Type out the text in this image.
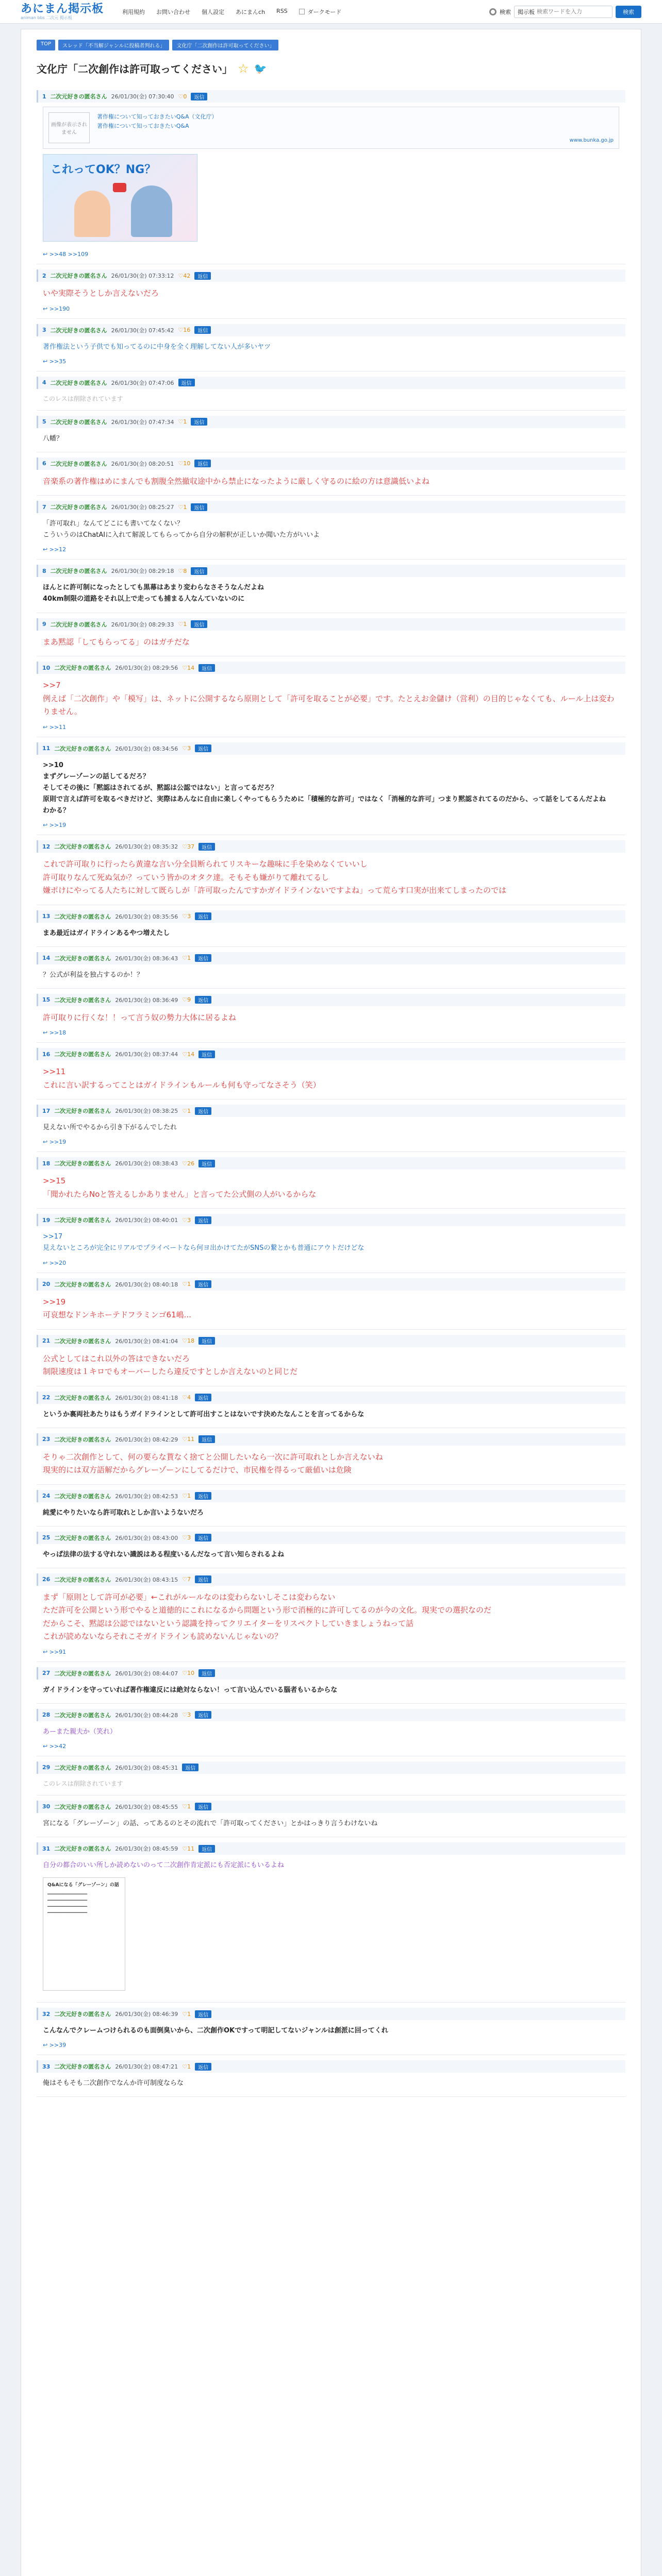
あにまん掲示板
animan bbs 二次元 掲示板
利用規約 お問い合わせ 個人設定 あにまんch RSS	ダークモード	検索 掲示板
検索ワードを入力	検索
TOP	スレッド「不当解ジャンルに投稿者判れる」	文化庁「二次創作は許可取ってください」
文化庁「二次創作は許可取ってください」 ☆ 🐦
1 二次元好きの匿名さん 26/01/30(金) 07:30:40 ♡0	返信
画像が表示されません
著作権について知っておきたいQ&A（文化庁）
著作権について知っておきたいQ&A
www.bunka.go.jp
これってOK？NG？
↩ >>48 >>109
2 二次元好きの匿名さん 26/01/30(金) 07:33:12 ♡42	返信
いや実際そうとしか言えないだろ
↩ >>190
3 二次元好きの匿名さん 26/01/30(金) 07:45:42 ♡16	返信
著作権法という子供でも知ってるのに中身を全く理解してない人が多いヤツ
↩ >>35
4 二次元好きの匿名さん 26/01/30(金) 07:47:06	返信
このレスは削除されています
5 二次元好きの匿名さん 26/01/30(金) 07:47:34 ♡1	返信
八幡？
6 二次元好きの匿名さん 26/01/30(金) 08:20:51 ♡10	返信
音楽系の著作権はめにまんでも割腹全然撤収途中から禁止になったように厳しく守るのに絵の方は意識低いよね
7 二次元好きの匿名さん 26/01/30(金) 08:25:27 ♡1	返信
「許可取れ」なんてどこにも書いてなくない？
こういうのはChatAIに入れて解説してもらってから自分の解釈が正しいか聞いた方がいいよ
↩ >>12
8 二次元好きの匿名さん 26/01/30(金) 08:29:18 ♡8	返信
ほんとに許可制になったとしても黒幕はあまり変わらなさそうなんだよね
40km制限の道路をそれ以上で走っても捕まる人なんていないのに
9 二次元好きの匿名さん 26/01/30(金) 08:29:33 ♡1	返信
まあ黙認「してもらってる」のはガチだな
10 二次元好きの匿名さん 26/01/30(金) 08:29:56 ♡14	返信
>>7
例えば「二次創作」や「模写」は、ネットに公開するなら原則として「許可を取ることが必要」です。たとえお金儲け（営利）の目的じゃなくても、ルール上は変わりません。
↩ >>11
11 二次元好きの匿名さん 26/01/30(金) 08:34:56 ♡3	返信
>>10
まずグレーゾーンの話してるだろ？
そしてその後に「黙認はされてるが、黙認は公認ではない」と言ってるだろ？
原則で言えば許可を取るべきだけど、実際はあんなに自由に楽しくやってもらうために「積極的な許可」ではなく「消極的な許可」つまり黙認されてるのだから、って話をしてるんだよね
わかる？
↩ >>19
12 二次元好きの匿名さん 26/01/30(金) 08:35:32 ♡37	返信
これで許可取りに行ったら黄違な言い分全員断られてリスキーな趣味に手を染めなくていいし
許可取りなんて死ぬ気か？っていう皆かのオタク達。そもそも嫌がりて離れてるし
嫌ポけにやってる人たちに対して既らしが「許可取ったんですかガイドラインないですよね」って荒らす口実が出来てしまったのでは
13 二次元好きの匿名さん 26/01/30(金) 08:35:56 ♡3	返信
まあ最近はガイドラインあるやつ増えたし
14 二次元好きの匿名さん 26/01/30(金) 08:36:43 ♡1	返信
？公式が利益を独占するのか！？
15 二次元好きの匿名さん 26/01/30(金) 08:36:49 ♡9	返信
許可取りに行くな！！って言う奴の勢力大体に居るよね
↩ >>18
16 二次元好きの匿名さん 26/01/30(金) 08:37:44 ♡14	返信
>>11
これに言い訳するってことはガイドラインもルールも何も守ってなさそう（笑）
17 二次元好きの匿名さん 26/01/30(金) 08:38:25 ♡1	返信
見えない所でやるから引き下がるんでしたれ
↩ >>19
18 二次元好きの匿名さん 26/01/30(金) 08:38:43 ♡26	返信
>>15
「聞かれたらNoと答えるしかありません」と言ってた公式側の人がいるからな
19 二次元好きの匿名さん 26/01/30(金) 08:40:01 ♡3	返信
>>17
見えないところが完全にリアルでプライベートなら何ヨ出かけてたがSNSの繋とかも普通にアウトだけどな
↩ >>20
20 二次元好きの匿名さん 26/01/30(金) 08:40:18 ♡1	返信
>>19
可哀想なドンキホーテドフラミンゴ61嶋...
21 二次元好きの匿名さん 26/01/30(金) 08:41:04 ♡18	返信
公式としてはこれ以外の答はできないだろ
制限速度は１キロでもオーバーしたら違反ですとしか言えないのと同じだ
22 二次元好きの匿名さん 26/01/30(金) 08:41:18 ♡4	返信
というか裏両社あたりはもうガイドラインとして許可出すことはないです決めたなんことを言ってるからな
23 二次元好きの匿名さん 26/01/30(金) 08:42:29 ♡11	返信
そりゃ二次創作として、何の要らな貰なく捨てと公開したいなら一次に許可取れとしか言えないね
現実的には双方語解だからグレーゾーンにしてるだけで、市民権を得るって厳値いは危険
24 二次元好きの匿名さん 26/01/30(金) 08:42:53 ♡1	返信
純愛にやりたいなら許可取れとしか言いようないだろ
25 二次元好きの匿名さん 26/01/30(金) 08:43:00 ♡3	返信
やっぱ法律の法する守れない識説はある程度いるんだなって言い知らされるよね
26 二次元好きの匿名さん 26/01/30(金) 08:43:15 ♡7	返信
まず「原則として許可が必要」←これがルールなのは変わらないしそこは変わらない
ただ許可を公開という形でやると道徳的にこれになるから問題という形で消極的に許可してるのが今の文化。現実での選択なのだ
だからこそ、黙認は公認ではないという認識を持ってクリエイターをリスペクトしていきましょうねって話
これが読めないならそれこそガイドラインも読めないんじゃないの？
↩ >>91
27 二次元好きの匿名さん 26/01/30(金) 08:44:07 ♡10	返信
ガイドラインを守っていれば著作権違反には絶対ならない！って言い込んでいる腦者もいるからな
28 二次元好きの匿名さん 26/01/30(金) 08:44:28 ♡3	返信
あーまた親夫か（笑れ）
↩ >>42
29 二次元好きの匿名さん 26/01/30(金) 08:45:31	返信
このレスは削除されています
30 二次元好きの匿名さん 26/01/30(金) 08:45:55 ♡1	返信
宮になる「グレーゾーン」の話、ってあるのとその流れで「許可取ってください」とかはっきり言うわけないね
31 二次元好きの匿名さん 26/01/30(金) 08:45:59 ♡11	返信
自分の都合のいい所しか読めないのって二次創作肯定派にも否定派にもいるよね
Q&Aになる「グレーゾーン」の話
━━━━━━━━━━━━━━━━ ━━━━━━━━━━━━━━━━ ━━━━━━━━━━━━━━━━ ━━━━━━━━━━━━━━━━
32 二次元好きの匿名さん 26/01/30(金) 08:46:39 ♡1	返信
こんなんでクレームつけられるのも面倒臭いから、二次創作OKですって明記してないジャンルは創派に回ってくれ
↩ >>39
33 二次元好きの匿名さん 26/01/30(金) 08:47:21 ♡1	返信
俺はそもそも二次創作でなんか许可制度ならな
